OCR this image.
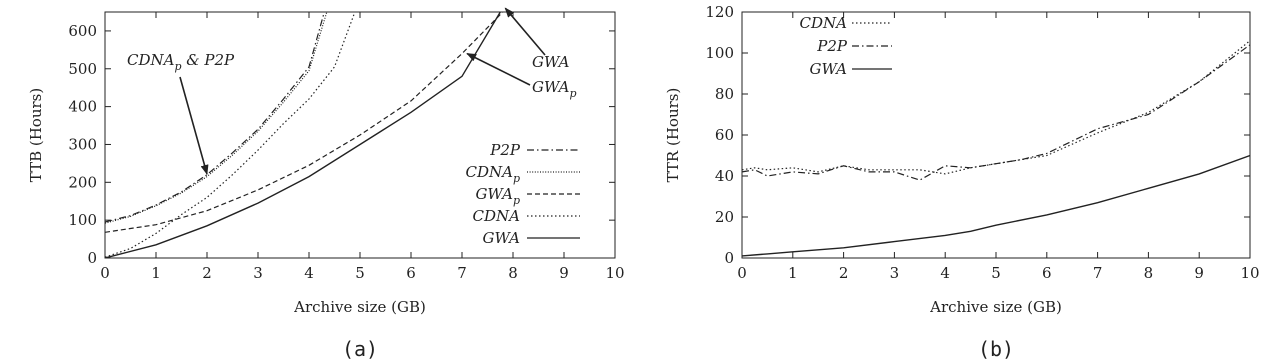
0	1	2	3	4	5	6	7	8	9 10
0
100
200
300
400
500
600
Archive size (GB)
TTB (Hours)
(a)
P2P
$CDNA_p$
$GWA_p$
CDNA
GWA
$CDNA_p$ & P2P	GWA
$GWA_p$
0	1	2	3	4	5	6	7	8	9 10
0
20
40
60
80
100
120
Archive size (GB)
TTR (Hours)
(b)
CDNA
P2P
GWA
